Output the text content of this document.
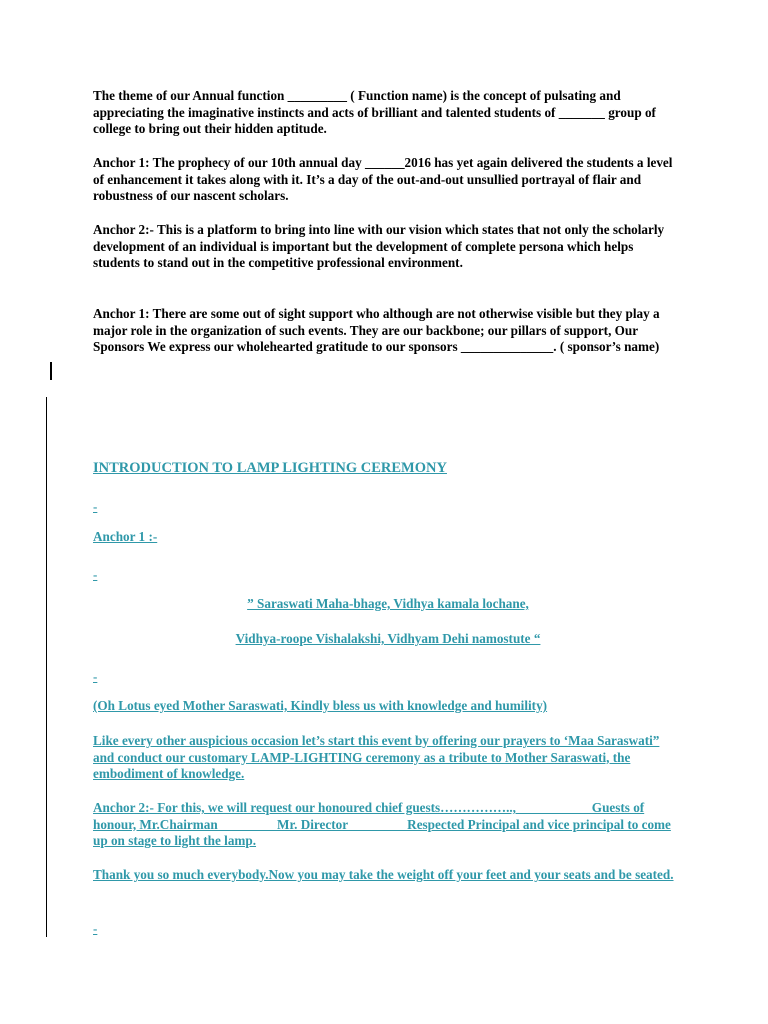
The theme of our Annual function _________ ( Function name) is the concept of pulsating and appreciating the imaginative instincts and acts of brilliant and talented students of _______ group of college to bring out their hidden aptitude.

Anchor 1: The prophecy of our 10th annual day ______2016 has yet again delivered the students a level of enhancement it takes along with it. It’s a day of the out-and-out unsullied portrayal of flair and robustness of our nascent scholars.

Anchor 2:- This is a platform to bring into line with our vision which states that not only the scholarly development of an individual is important but the development of complete persona which helps students to stand out in the competitive professional environment.

Anchor 1: There are some out of sight support who although are not otherwise visible but they play a major role in the organization of such events. They are our backbone; our pillars of support, Our Sponsors We express our wholehearted gratitude to our sponsors ______________. ( sponsor’s name)

INTRODUCTION TO LAMP LIGHTING CEREMONY

-

Anchor 1 :-

-

” Saraswati Maha-bhage, Vidhya kamala lochane,

Vidhya-roope Vishalakshi, Vidhyam Dehi namostute “

-

(Oh Lotus eyed Mother Saraswati, Kindly bless us with knowledge and humility)

Like every other auspicious occasion let’s start this event by offering our prayers to ‘Maa Saraswati” and conduct our customary LAMP-LIGHTING ceremony as a tribute to Mother Saraswati, the embodiment of knowledge.

Anchor 2:- For this, we will request our honoured chief guests……………..,___________ Guests of honour, Mr.Chairman ________ Mr. Director ________ Respected Principal and vice principal to come up on stage to light the lamp.

Thank you so much everybody.Now you may take the weight off your feet and your seats and be seated.

-
